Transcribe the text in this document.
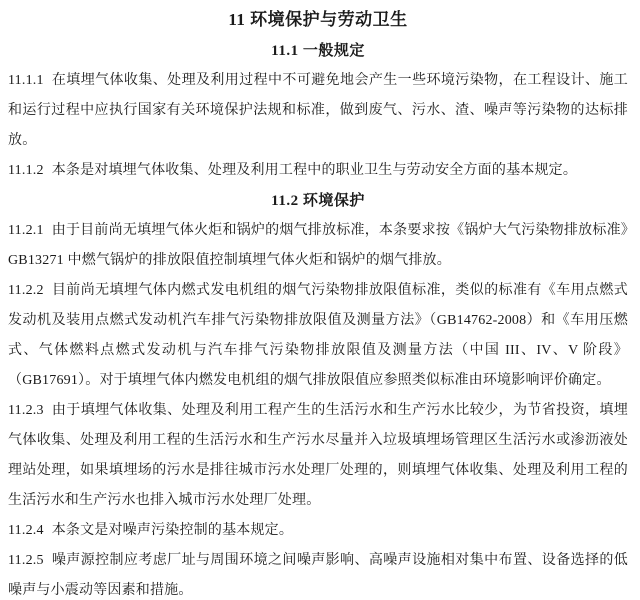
11 环境保护与劳动卫生
11.1 一般规定

11.1.1 在填埋气体收集、处理及利用过程中不可避免地会产生一些环境污染物，在工程设计、施工和运行过程中应执行国家有关环境保护法规和标准，做到废气、污水、渣、噪声等污染物的达标排放。

11.1.2 本条是对填埋气体收集、处理及利用工程中的职业卫生与劳动安全方面的基本规定。

11.2 环境保护

11.2.1 由于目前尚无填埋气体火炬和锅炉的烟气排放标准，本条要求按《锅炉大气污染物排放标准》GB13271 中燃气锅炉的排放限值控制填埋气体火炬和锅炉的烟气排放。

11.2.2 目前尚无填埋气体内燃式发电机组的烟气污染物排放限值标准，类似的标准有《车用点燃式发动机及装用点燃式发动机汽车排气污染物排放限值及测量方法》（GB14762-2008）和《车用压燃式、气体燃料点燃式发动机与汽车排气污染物排放限值及测量方法（中国 III、IV、V 阶段》（GB17691）。对于填埋气体内燃发电机组的烟气排放限值应参照类似标准由环境影响评价确定。

11.2.3 由于填埋气体收集、处理及利用工程产生的生活污水和生产污水比较少，为节省投资，填埋气体收集、处理及利用工程的生活污水和生产污水尽量并入垃圾填埋场管理区生活污水或渗沥液处理站处理，如果填埋场的污水是排往城市污水处理厂处理的，则填埋气体收集、处理及利用工程的生活污水和生产污水也排入城市污水处理厂处理。

11.2.4 本条文是对噪声污染控制的基本规定。

11.2.5 噪声源控制应考虑厂址与周围环境之间噪声影响、高噪声设施相对集中布置、设备选择的低噪声与小震动等因素和措施。
